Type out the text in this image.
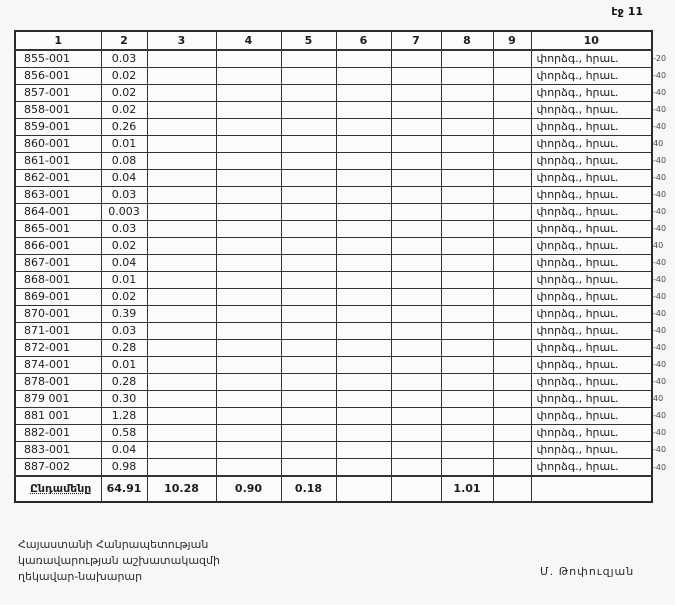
էջ 11
1	2	3	4	5	6	7	8	9	10
855-001	0.03								փորձգ., հրաւ.
856-001	0.02								փորձգ., հրաւ.
857-001	0.02								փորձգ., հրաւ.
858-001	0.02								փորձգ., հրաւ.
859-001	0.26								փորձգ., հրաւ.
860-001	0.01								փորձգ., հրաւ.
861-001	0.08								փորձգ., հրաւ.
862-001	0.04								փորձգ., հրաւ.
863-001	0.03								փորձգ., հրաւ.
864-001	0.003								փորձգ., հրաւ.
865-001	0.03								փորձգ., հրաւ.
866-001	0.02								փորձգ., հրաւ.
867-001	0.04								փորձգ., հրաւ.
868-001	0.01								փորձգ., հրաւ.
869-001	0.02								փորձգ., հրաւ.
870-001	0.39								փորձգ., հրաւ.
871-001	0.03								փորձգ., հրաւ.
872-001	0.28								փորձգ., հրաւ.
874-001	0.01								փորձգ., հրաւ.
878-001	0.28								փորձգ., հրաւ.
879 001	0.30								փորձգ., հրաւ.
881 001	1.28								փորձգ., հրաւ.
882-001	0.58								փորձգ., հրաւ.
883-001	0.04								փորձգ., հրաւ.
887-002	0.98								փորձգ., հրաւ.
Ընդամենը	64.91	10.28	0.90	0.18			1.01		
-20
-40
-40
-40
-40
40
-40
-40
-40
-40
-40
40
-40
-40
-40
-40
-40
-40
-40
-40
40
-40
-40
-40
-40
Հայաստանի Հանրապետության
կառավարության աշխատակազմի
ղեկավար-նախարար	Մ. Թոփուզյան
